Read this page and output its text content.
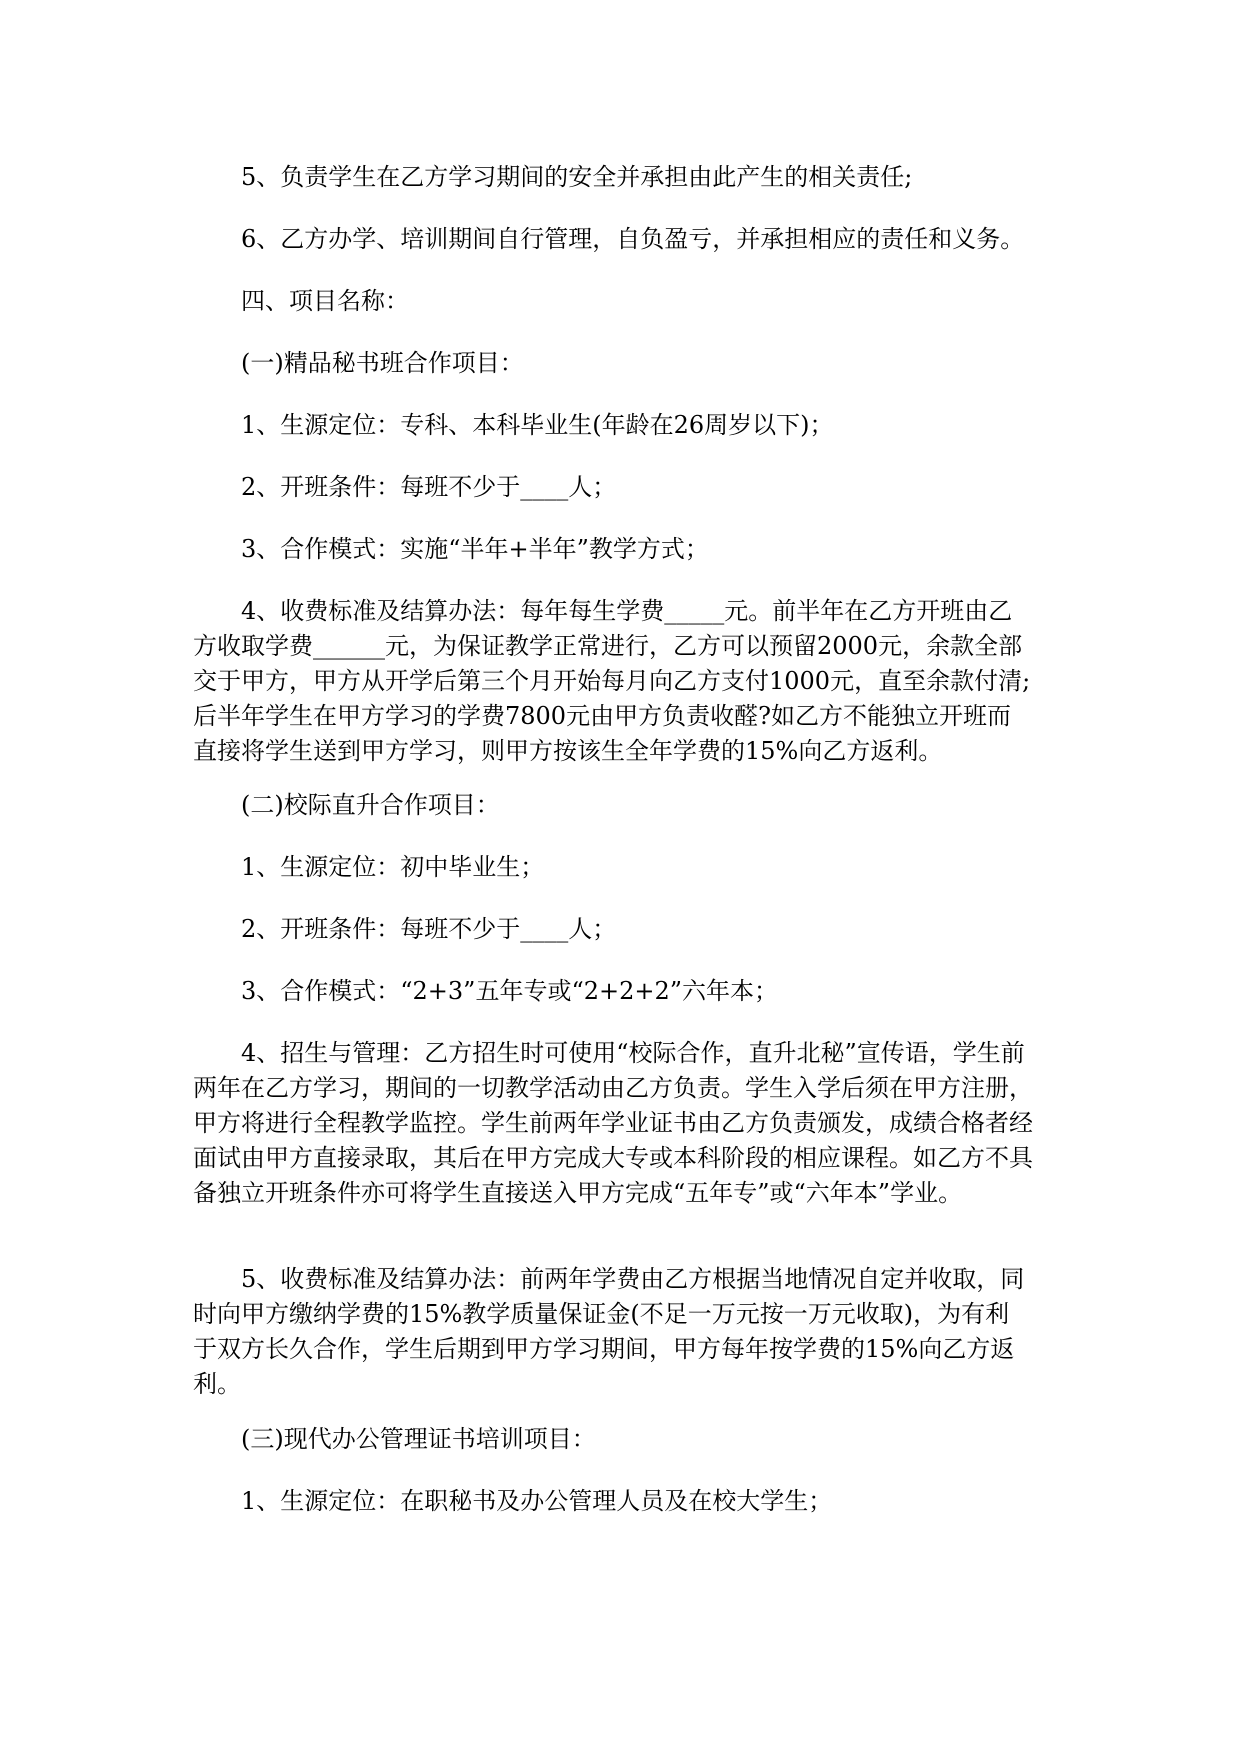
5、负责学生在乙方学习期间的安全并承担由此产生的相关责任;

6、乙方办学、培训期间自行管理，自负盈亏，并承担相应的责任和义务。

四、项目名称：

(一)精品秘书班合作项目：

1、生源定位：专科、本科毕业生(年龄在26周岁以下)；

2、开班条件：每班不少于____人；

3、合作模式：实施“半年+半年”教学方式；

4、收费标准及结算办法：每年每生学费_____元。前半年在乙方开班由乙方收取学费______元，为保证教学正常进行，乙方可以预留2000元，余款全部交于甲方，甲方从开学后第三个月开始每月向乙方支付1000元，直至余款付清;后半年学生在甲方学习的学费7800元由甲方负责收醛?如乙方不能独立开班而直接将学生送到甲方学习，则甲方按该生全年学费的15%向乙方返利。

(二)校际直升合作项目：

1、生源定位：初中毕业生；

2、开班条件：每班不少于____人；

3、合作模式：“2+3”五年专或“2+2+2”六年本；

4、招生与管理：乙方招生时可使用“校际合作，直升北秘”宣传语，学生前两年在乙方学习，期间的一切教学活动由乙方负责。学生入学后须在甲方注册，甲方将进行全程教学监控。学生前两年学业证书由乙方负责颁发，成绩合格者经面试由甲方直接录取，其后在甲方完成大专或本科阶段的相应课程。如乙方不具备独立开班条件亦可将学生直接送入甲方完成“五年专”或“六年本”学业。

5、收费标准及结算办法：前两年学费由乙方根据当地情况自定并收取，同时向甲方缴纳学费的15%教学质量保证金(不足一万元按一万元收取)，为有利于双方长久合作，学生后期到甲方学习期间，甲方每年按学费的15%向乙方返利。

(三)现代办公管理证书培训项目：

1、生源定位：在职秘书及办公管理人员及在校大学生；
